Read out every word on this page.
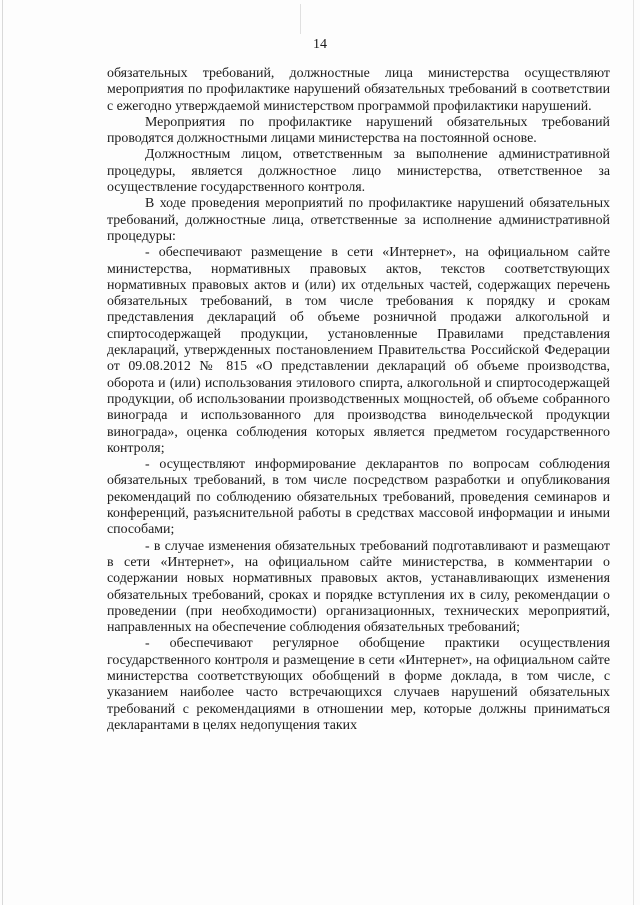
14

обязательных требований, должностные лица министерства осуществляют мероприятия по профилактике нарушений обязательных требований в соответствии с ежегодно утверждаемой министерством программой профилактики нарушений.

Мероприятия по профилактике нарушений обязательных требований проводятся должностными лицами министерства на постоянной основе.

Должностным лицом, ответственным за выполнение административной процедуры, является должностное лицо министерства, ответственное за осуществление государственного контроля.

В ходе проведения мероприятий по профилактике нарушений обязательных требований, должностные лица, ответственные за исполнение административной процедуры:

- обеспечивают размещение в сети «Интернет», на официальном сайте министерства, нормативных правовых актов, текстов соответствующих нормативных правовых актов и (или) их отдельных частей, содержащих перечень обязательных требований, в том числе требования к порядку и срокам представления деклараций об объеме розничной продажи алкогольной и спиртосодержащей продукции, установленные Правилами представления деклараций, утвержденных постановлением Правительства Российской Федерации от 09.08.2012 № 815 «О представлении деклараций об объеме производства, оборота и (или) использования этилового спирта, алкогольной и спиртосодержащей продукции, об использовании производственных мощностей, об объеме собранного винограда и использованного для производства винодельческой продукции винограда», оценка соблюдения которых является предметом государственного контроля;

- осуществляют информирование декларантов по вопросам соблюдения обязательных требований, в том числе посредством разработки и опубликования рекомендаций по соблюдению обязательных требований, проведения семинаров и конференций, разъяснительной работы в средствах массовой информации и иными способами;

- в случае изменения обязательных требований подготавливают и размещают в сети «Интернет», на официальном сайте министерства, в комментарии о содержании новых нормативных правовых актов, устанавливающих изменения обязательных требований, сроках и порядке вступления их в силу, рекомендации о проведении (при необходимости) организационных, технических мероприятий, направленных на обеспечение соблюдения обязательных требований;

- обеспечивают регулярное обобщение практики осуществления государственного контроля и размещение в сети «Интернет», на официальном сайте министерства соответствующих обобщений в форме доклада, в том числе, с указанием наиболее часто встречающихся случаев нарушений обязательных требований с рекомендациями в отношении мер, которые должны приниматься декларантами в целях недопущения таких
